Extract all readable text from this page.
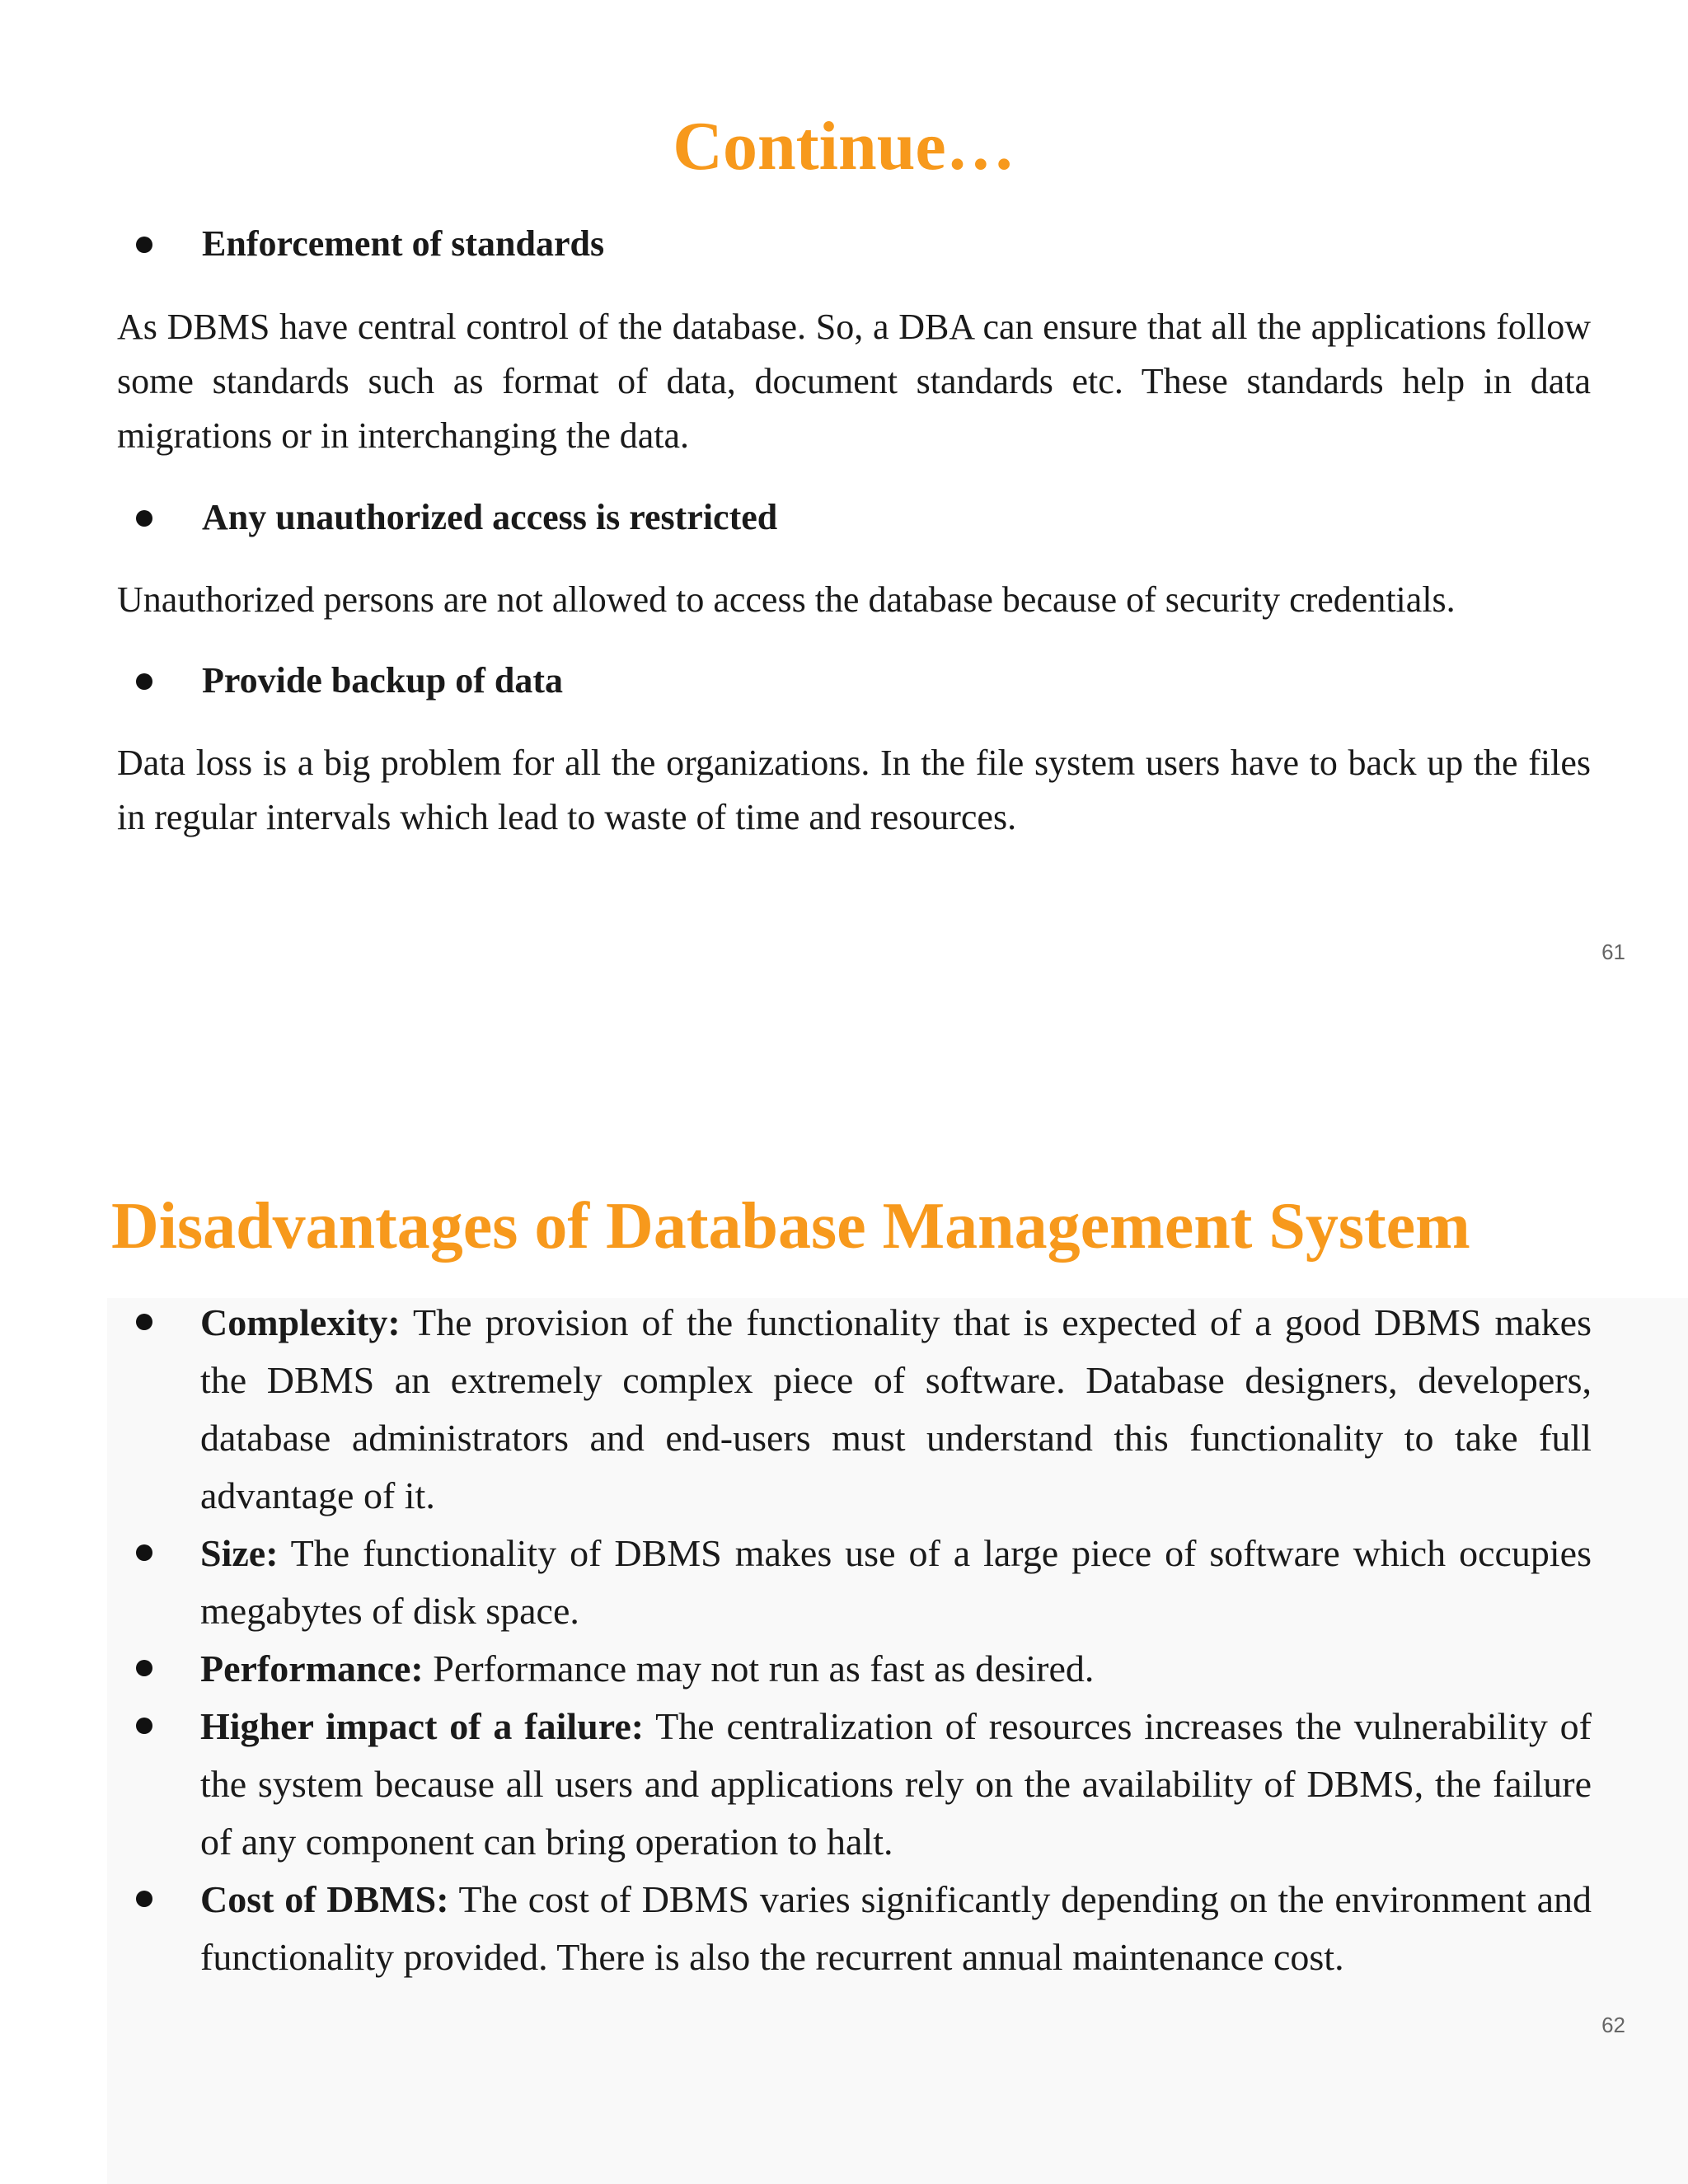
Continue…
Enforcement of standards

As DBMS have central control of the database. So, a DBA can ensure that all the applications follow some standards such as format of data, document standards etc. These standards help in data migrations or in interchanging the data.

Any unauthorized access is restricted

Unauthorized persons are not allowed to access the database because of security credentials.

Provide backup of data

Data loss is a big problem for all the organizations. In the file system users have to back up the files in regular intervals which lead to waste of time and resources.

61
Disadvantages of Database Management System
Complexity: The provision of the functionality that is expected of a good DBMS makes the DBMS an extremely complex piece of software. Database designers, developers, database administrators and end-users must understand this functionality to take full advantage of it.
Size: The functionality of DBMS makes use of a large piece of software which occupies megabytes of disk space.
Performance: Performance may not run as fast as desired.
Higher impact of a failure: The centralization of resources increases the vulnerability of the system because all users and applications rely on the availability of DBMS, the failure of any component can bring operation to halt.
Cost of DBMS: The cost of DBMS varies significantly depending on the environment and functionality provided. There is also the recurrent annual maintenance cost.
62
